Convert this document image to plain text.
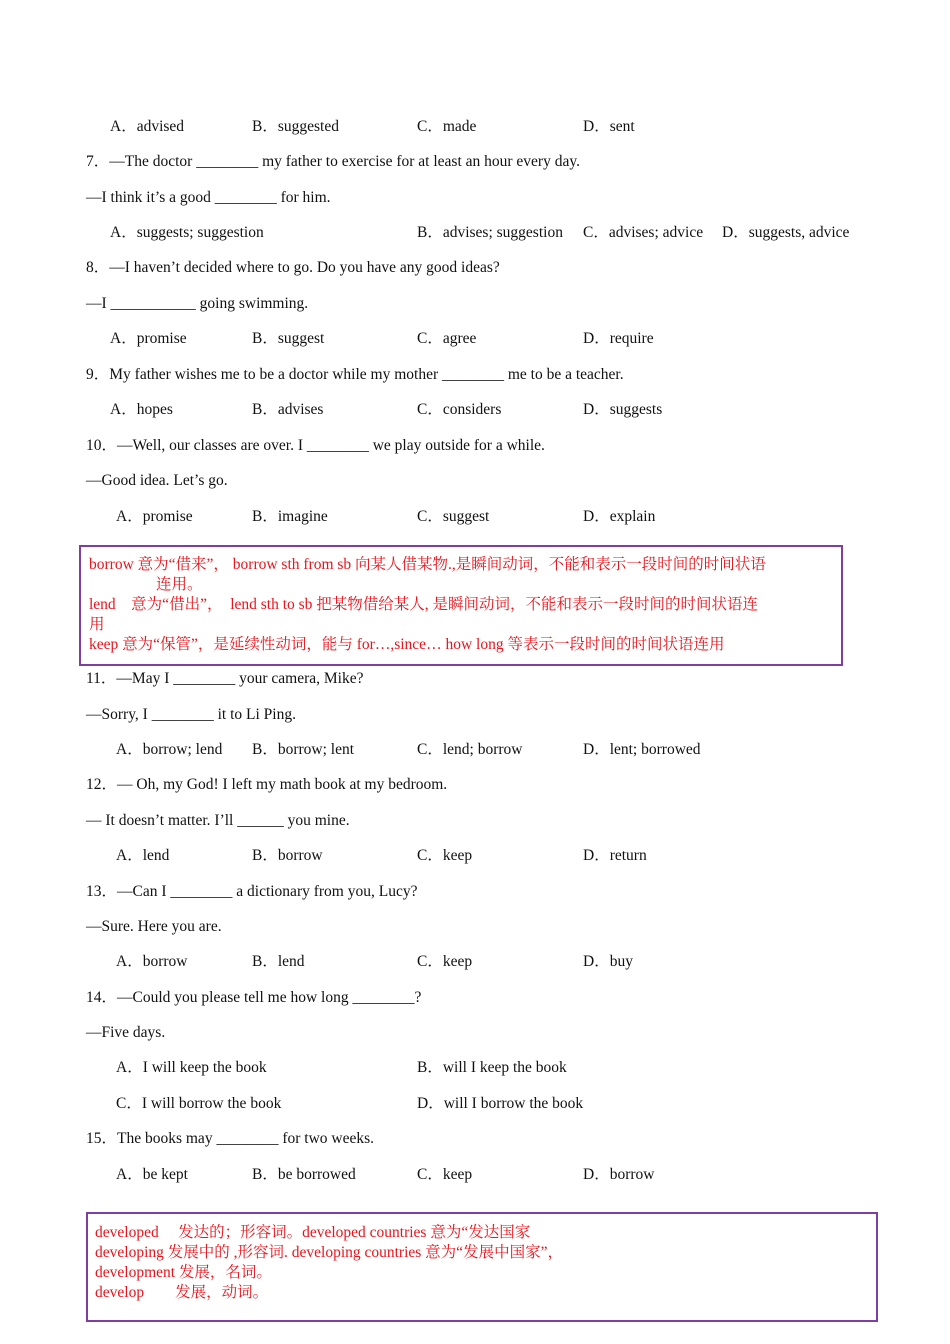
A．advised	B．suggested	C．made	D．sent
7．—The doctor ________ my father to exercise for at least an hour every day.
—I think it’s a good ________ for him.
A．suggests; suggestion	B．advises; suggestion C．advises; advice D．suggests, advice
8．—I haven’t decided where to go. Do you have any good ideas?
—I ___________ going swimming.
A．promise	B．suggest	C．agree	D．require
9．My father wishes me to be a doctor while my mother ________ me to be a teacher.
A．hopes	B．advises	C．considers	D．suggests
10．—Well, our classes are over. I ________ we play outside for a while.
—Good idea. Let’s go.
A．promise	B．imagine	C．suggest	D．explain
borrow 意为“借来”， borrow sth from sb 向某人借某物.,是瞬间动词，不能和表示一段时间的时间状语
连用。
lend　意为“借出”，　lend sth to sb 把某物借给某人, 是瞬间动词，不能和表示一段时间的时间状语连
用
keep 意为“保管”，是延续性动词，能与 for…,since… how long 等表示一段时间的时间状语连用
11．—May I ________ your camera, Mike?
—Sorry, I ________ it to Li Ping.
A．borrow; lend B．borrow; lent	C．lend; borrow	D．lent; borrowed
12．— Oh, my God! I left my math book at my bedroom.
— It doesn’t matter. I’ll ______ you mine.
A．lend	B．borrow	C．keep	D．return
13．—Can I ________ a dictionary from you, Lucy?
—Sure. Here you are.
A．borrow	B．lend	C．keep	D．buy
14．—Could you please tell me how long ________?
—Five days.
A．I will keep the book	B．will I keep the book
C．I will borrow the book	D．will I borrow the book
15．The books may ________ for two weeks.
A．be kept	B．be borrowed	C．keep	D．borrow
developed　 发达的；形容词。developed countries 意为“发达国家
developing 发展中的 ,形容词. developing countries 意为“发展中国家”，
development 发展，名词。
develop　　发展，动词。
